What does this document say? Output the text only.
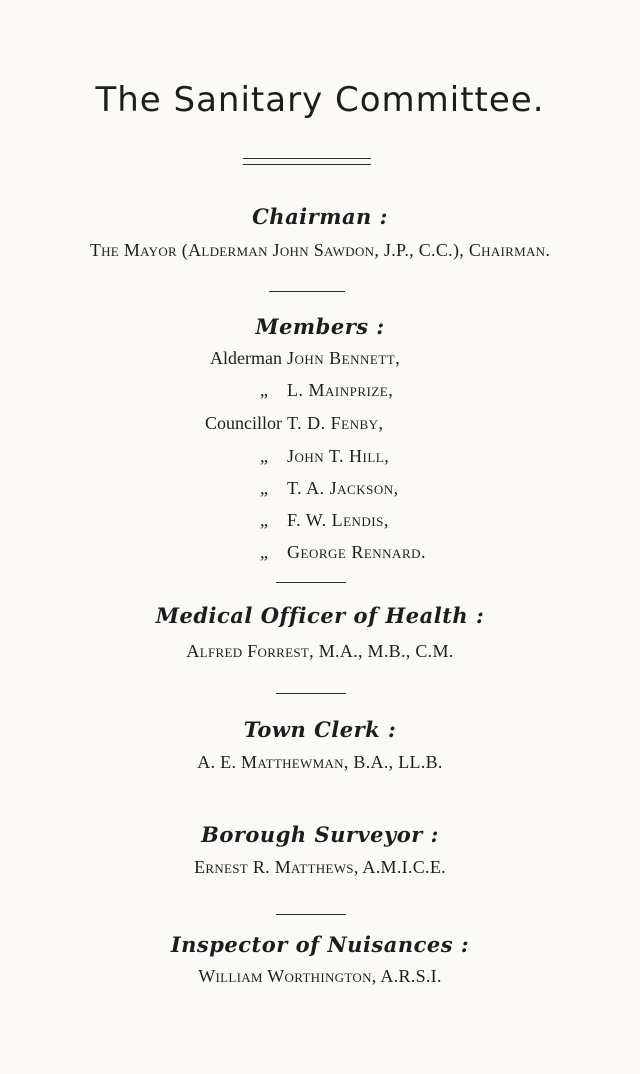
The Sanitary Committee.
Chairman :
The Mayor (Alderman John Sawdon, J.P., C.C.), Chairman.
Members :
Alderman John Bennett,
„ L. Mainprize,
Councillor T. D. Fenby,
„ John T. Hill,
„ T. A. Jackson,
„ F. W. Lendis,
„ George Rennard.
Medical Officer of Health :
Alfred Forrest, M.A., M.B., C.M.
Town Clerk :
A. E. Matthewman, B.A., LL.B.
Borough Surveyor :
Ernest R. Matthews, A.M.I.C.E.
Inspector of Nuisances :
William Worthington, A.R.S.I.
